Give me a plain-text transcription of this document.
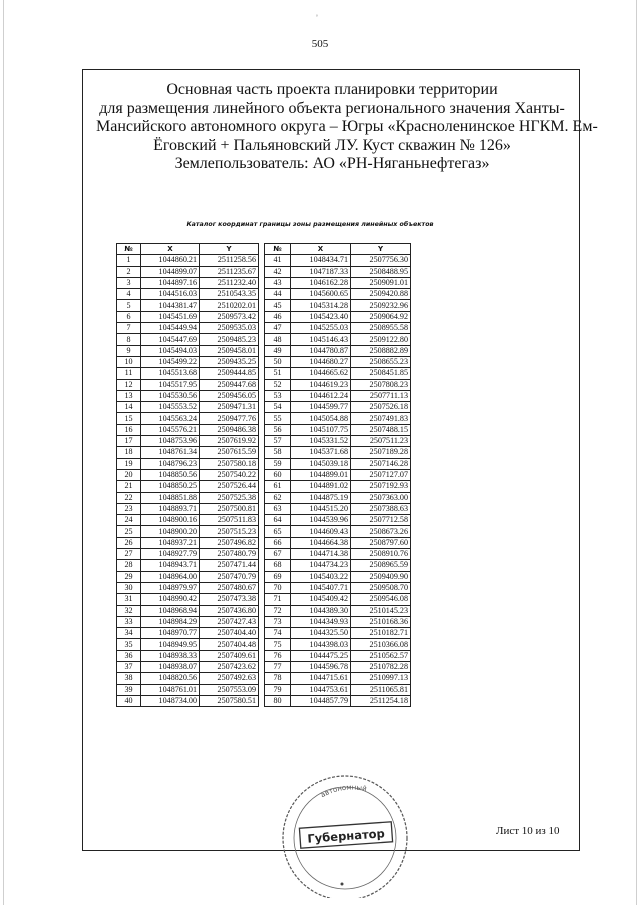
ᵒ
505
Основная часть проекта планировки территории
для размещения линейного объекта регионального значения Ханты-
Мансийского автономного округа – Югры «Красноленинское НГКМ. Ем-
Ёговский + Пальяновский ЛУ. Куст скважин № 126»
Землепользователь: АО «РН-Няганьнефтегаз»
Каталог координат границы зоны размещения линейных объектов
№	X	Y
1	1044860.21	2511258.56
2	1044899.07	2511235.67
3	1044897.16	2511232.40
4	1044516.03	2510543.35
5	1044381.47	2510202.01
6	1045451.69	2509573.42
7	1045449.94	2509535.03
8	1045447.69	2509485.23
9	1045494.03	2509458.01
10	1045499.22	2509435.25
11	1045513.68	2509444.85
12	1045517.95	2509447.68
13	1045530.56	2509456.05
14	1045553.52	2509471.31
15	1045563.24	2509477.76
16	1045576.21	2509486.38
17	1048753.96	2507619.92
18	1048761.34	2507615.59
19	1048796.23	2507580.18
20	1048850.56	2507540.22
21	1048850.25	2507526.44
22	1048851.88	2507525.38
23	1048893.71	2507500.81
24	1048900.16	2507511.83
25	1048900.20	2507515.23
26	1048937.21	2507496.82
27	1048927.79	2507480.79
28	1048943.71	2507471.44
29	1048964.00	2507470.79
30	1048979.97	2507480.67
31	1048990.42	2507473.38
32	1048968.94	2507436.80
33	1048984.29	2507427.43
34	1048970.77	2507404.40
35	1048949.95	2507404.48
36	1048938.33	2507409.61
37	1048938.07	2507423.62
38	1048820.56	2507492.63
39	1048761.01	2507553.09
40	1048734.00	2507580.51
№	X	Y
41	1048434.71	2507756.30
42	1047187.33	2508488.95
43	1046162.28	2509091.01
44	1045600.65	2509420.88
45	1045314.28	2509232.96
46	1045423.40	2509064.92
47	1045255.03	2508955.58
48	1045146.43	2509122.80
49	1044780.87	2508882.89
50	1044680.27	2508655.23
51	1044665.62	2508451.85
52	1044619.23	2507808.23
53	1044612.24	2507711.13
54	1044599.77	2507526.18
55	1045054.88	2507491.83
56	1045107.75	2507488.15
57	1045331.52	2507511.23
58	1045371.68	2507189.28
59	1045039.18	2507146.28
60	1044899.01	2507127.07
61	1044891.02	2507192.93
62	1044875.19	2507363.00
63	1044515.20	2507388.63
64	1044539.96	2507712.58
65	1044609.43	2508673.26
66	1044664.38	2508797.60
67	1044714.38	2508910.76
68	1044734.23	2508965.59
69	1045403.22	2509409.90
70	1045407.71	2509508.70
71	1045409.42	2509546.08
72	1044389.30	2510145.23
73	1044349.93	2510168.36
74	1044325.50	2510182.71
75	1044398.03	2510366.08
76	1044475.25	2510562.57
77	1044596.78	2510782.28
78	1044715.61	2510997.13
79	1044753.61	2511065.81
80	1044857.79	2511254.18
автономный
Губернатор	Лист 10 из 10
